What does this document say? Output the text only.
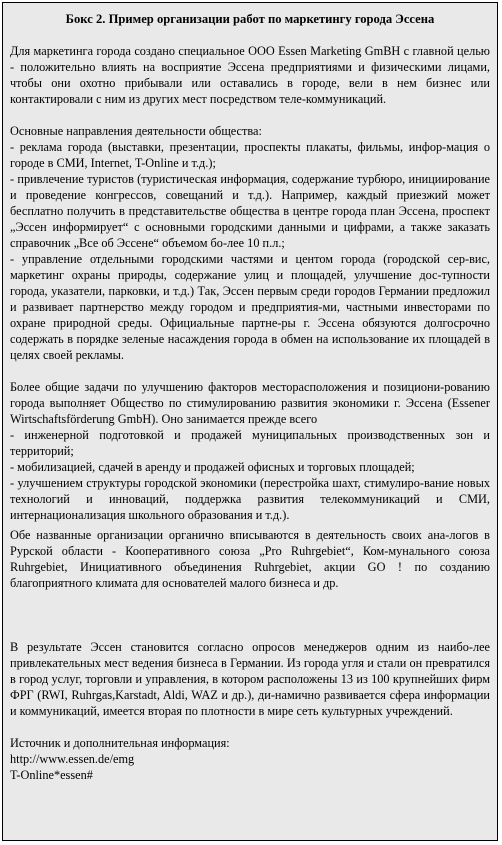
Бокс 2. Пример организации работ по маркетингу города Эссена

Для маркетинга города создано специальное ООО Essen Marketing GmBH с главной целью - положительно влиять на восприятие Эссена предприятиями и физическими лицами, чтобы они охотно прибывали или оставались в городе, вели в нем бизнес или контактировали с ним из других мест посредством теле-коммуникаций.

Основные направления деятельности общества:

- реклама города (выставки, презентации, проспекты плакаты, фильмы, инфор-мация о городе в СМИ, Internet, T-Online и т.д.);

- привлечение туристов (туристическая информация, содержание турбюро, инициирование и проведение конгрессов, совещаний и т.д.). Например, каждый приезжий может бесплатно получить в представительстве общества в центре города план Эссена, проспект „Эссен информирует“ с основными городскими данными и цифрами, а также заказать справочник „Все об Эссене“ объемом бо-лее 10 п.л.;

- управление отдельными городскими частями и центом города (городской сер-вис, маркетинг охраны природы, содержание улиц и площадей, улучшение дос-тупности города, указатели, парковки, и т.д.) Так, Эссен первым среди городов Германии предложил и развивает партнерство между городом и предприятия-ми, частными инвесторами по охране природной среды. Официальные партне-ры г. Эссена обязуются долгосрочно содержать в порядке зеленые насаждения города в обмен на использование их площадей в целях своей рекламы.

Более общие задачи по улучшению факторов месторасположения и позициони-рованию города выполняет Общество по стимулированию развития экономики г. Эссена (Essener Wirtschaftsförderung GmbH). Оно занимается прежде всего

- инженерной подготовкой и продажей муниципальных производственных зон и территорий;

- мобилизацией, сдачей в аренду и продажей офисных и торговых площадей;

- улучшением структуры городской экономики (перестройка шахт, стимулиро-вание новых технологий и инноваций, поддержка развития телекоммуникаций и СМИ, интернационализация школьного образования и т.д.).

Обе названные организации органично вписываются в деятельность своих ана-логов в Рурской области - Кооперативного союза „Pro Ruhrgebiet“, Ком-мунального союза Ruhrgebiet, Инициативного объединения Ruhrgebiet, акции GO ! по созданию благоприятного климата для основателей малого бизнеса и др.

В результате Эссен становится согласно опросов менеджеров одним из наибо-лее привлекательных мест ведения бизнеса в Германии. Из города угля и стали он превратился в город услуг, торговли и управления, в котором расположены 13 из 100 крупнейших фирм ФРГ (RWI, Ruhrgas,Karstadt, Aldi, WAZ и др.), ди-намично развивается сфера информации и коммуникаций, имеется вторая по плотности в мире сеть культурных учреждений.

Источник и дополнительная информация:

http://www.essen.de/emg

T-Online*essen#
